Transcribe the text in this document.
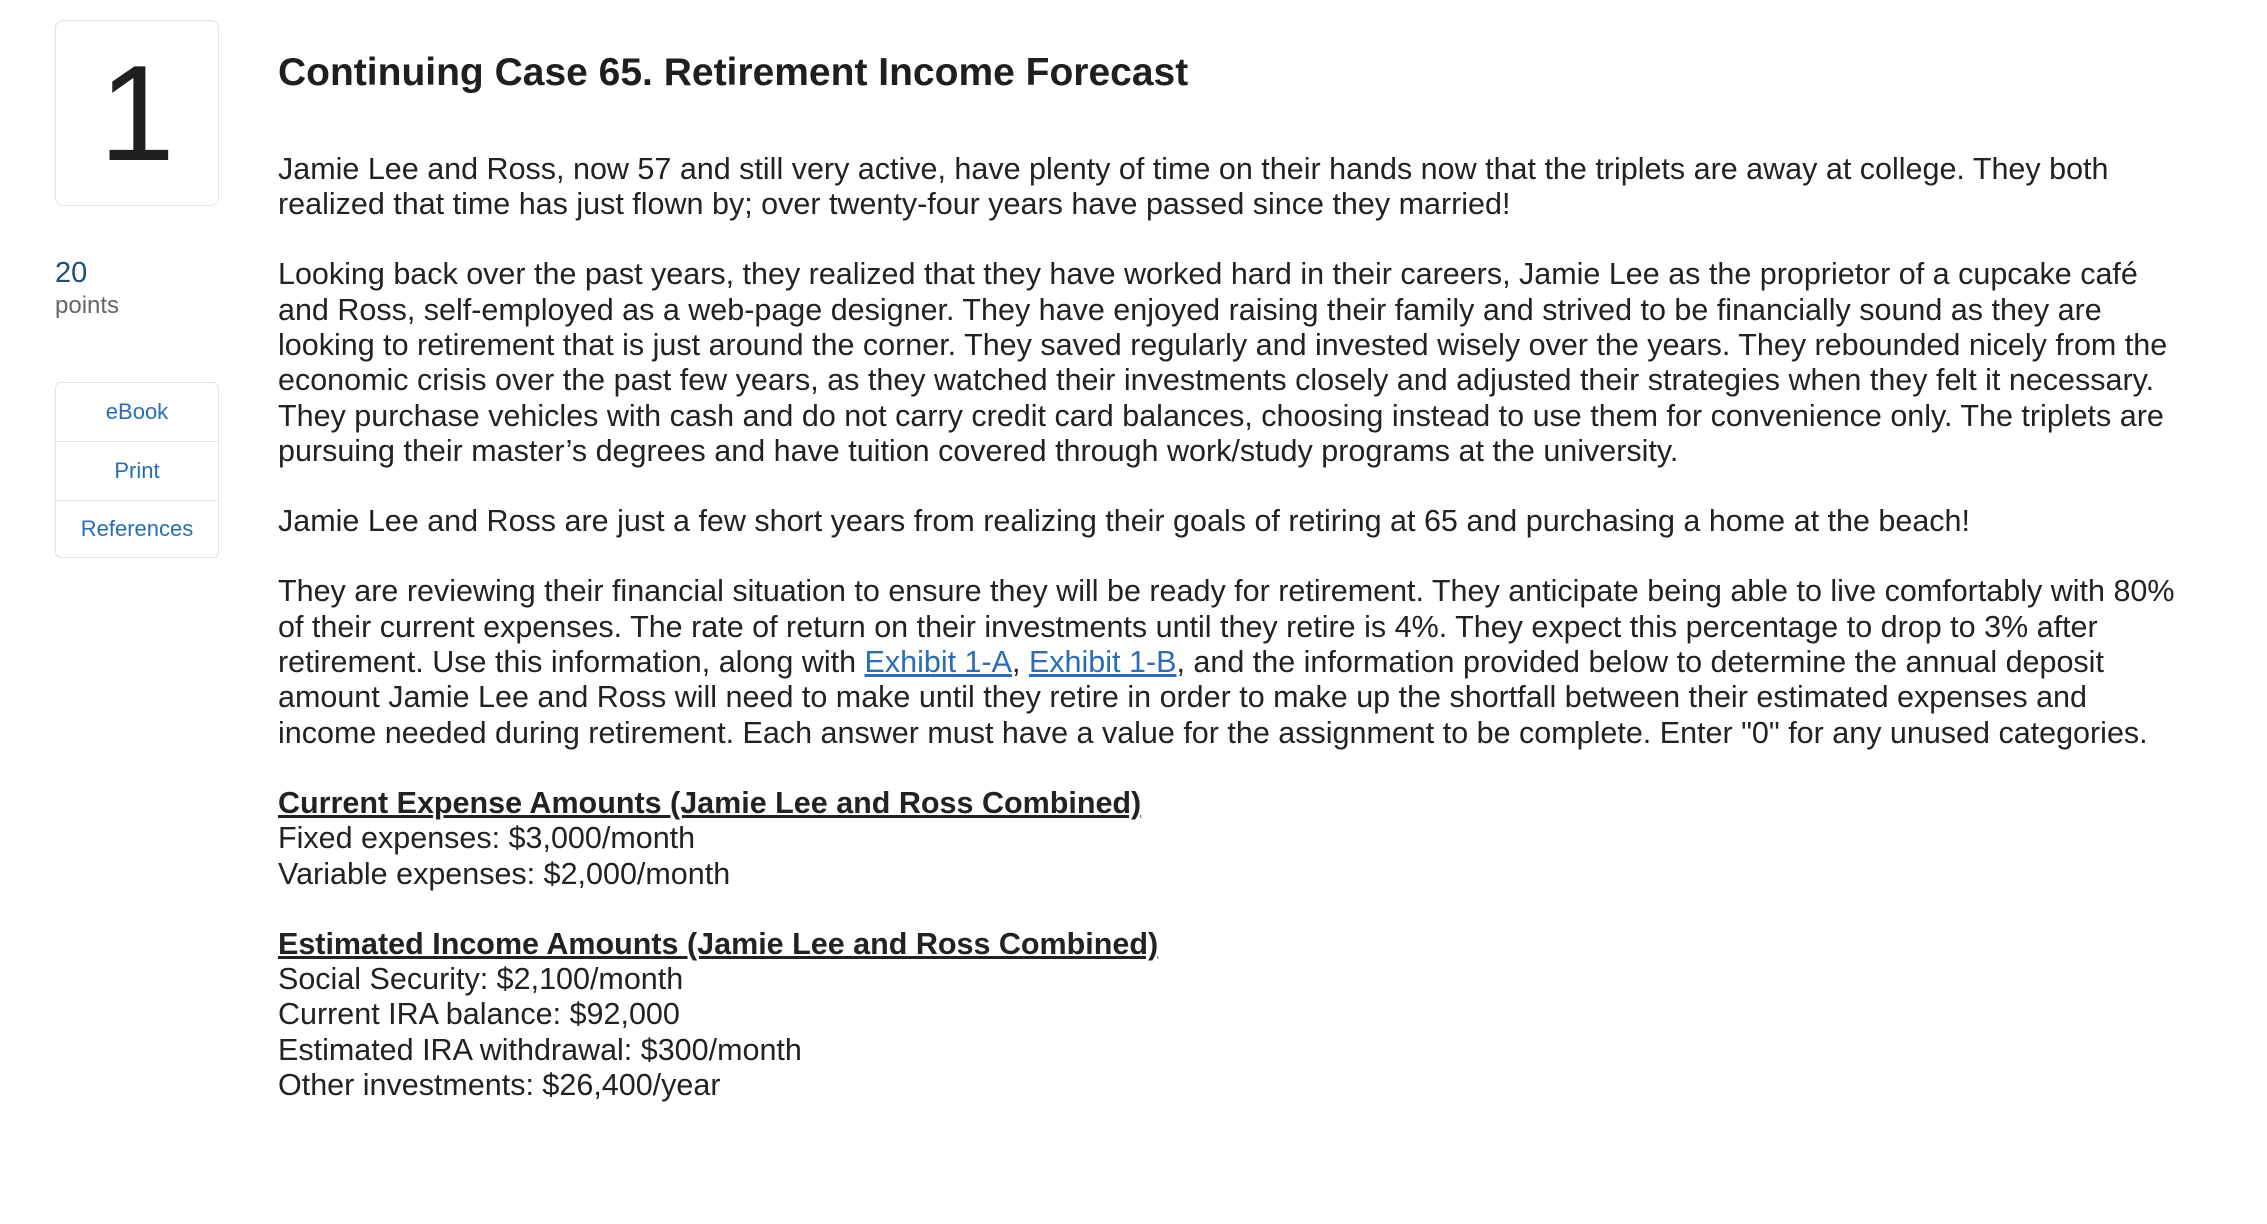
1
20
points
eBook
Print
References
Continuing Case 65. Retirement Income Forecast

Jamie Lee and Ross, now 57 and still very active, have plenty of time on their hands now that the triplets are away at college. They both realized that time has just flown by; over twenty-four years have passed since they married!

Looking back over the past years, they realized that they have worked hard in their careers, Jamie Lee as the proprietor of a cupcake café and Ross, self-employed as a web-page designer. They have enjoyed raising their family and strived to be financially sound as they are looking to retirement that is just around the corner. They saved regularly and invested wisely over the years. They rebounded nicely from the economic crisis over the past few years, as they watched their investments closely and adjusted their strategies when they felt it necessary. They purchase vehicles with cash and do not carry credit card balances, choosing instead to use them for convenience only. The triplets are pursuing their master’s degrees and have tuition covered through work/study programs at the university.

Jamie Lee and Ross are just a few short years from realizing their goals of retiring at 65 and purchasing a home at the beach!

They are reviewing their financial situation to ensure they will be ready for retirement. They anticipate being able to live comfortably with 80% of their current expenses. The rate of return on their investments until they retire is 4%. They expect this percentage to drop to 3% after retirement. Use this information, along with Exhibit 1-A, Exhibit 1-B, and the information provided below to determine the annual deposit amount Jamie Lee and Ross will need to make until they retire in order to make up the shortfall between their estimated expenses and income needed during retirement. Each answer must have a value for the assignment to be complete. Enter "0" for any unused categories.

Current Expense Amounts (Jamie Lee and Ross Combined)
Fixed expenses: $3,000/month
Variable expenses: $2,000/month
Estimated Income Amounts (Jamie Lee and Ross Combined)
Social Security: $2,100/month
Current IRA balance: $92,000
Estimated IRA withdrawal: $300/month
Other investments: $26,400/year
